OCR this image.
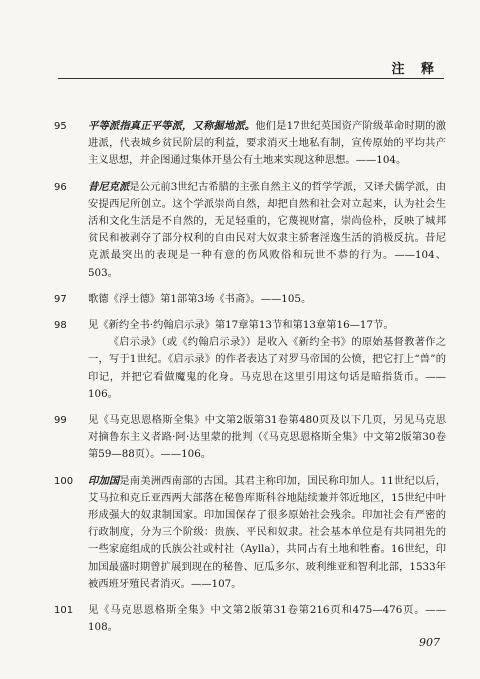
注 释
95	平等派指真正平等派，又称掘地派。他们是17世纪英国资产阶级革命时期的激进派，代表城乡贫民阶层的利益，要求消灭土地私有制，宣传原始的平均共产主义思想，并企图通过集体开垦公有土地来实现这种思想。——104。

96	昔尼克派是公元前3世纪古希腊的主张自然主义的哲学学派，又译犬儒学派，由安提西尼所创立。这个学派崇尚自然，却把自然和社会对立起来，认为社会生活和文化生活是不自然的，无足轻重的，它蔑视财富，崇尚俭朴，反映了城邦贫民和被剥夺了部分权利的自由民对大奴隶主骄奢淫逸生活的消极反抗。昔尼克派最突出的表现是一种有意的伤风败俗和玩世不恭的行为。——104、503。

97	歌德《浮士德》第1部第3场《书斋》。——105。

98	见《新约全书·约翰启示录》第17章第13节和第13章第16—17节。

《启示录》（或《约翰启示录》）是收入《新约全书》的原始基督教著作之一，写于1世纪。《启示录》的作者表达了对罗马帝国的公愤，把它打上“兽”的印记，并把它看做魔鬼的化身。马克思在这里引用这句话是暗指货币。——106。

99	见《马克思恩格斯全集》中文第2版第31卷第480页及以下几页，另见马克思对摘鲁东主义者路·阿·达里蒙的批判（《马克思恩格斯全集》中文第2版第30卷第59—88页）。——106。

100	印加国是南美洲西南部的古国。其君主称印加，国民称印加人。11世纪以后，艾马拉和克丘亚西两大部落在秘鲁库斯科谷地陆续兼并邻近地区，15世纪中叶形成强大的奴隶制国家。印加国保存了很多原始社会残余。印加社会有严密的行政制度，分为三个阶级：贵族、平民和奴隶。社会基本单位是有共同祖先的一些家庭组成的氏族公社或村社（Aylla），共同占有土地和牲畜。16世纪，印加国最盛时期曾扩展到现在的秘鲁、厄瓜多尔、玻利维亚和智利北部，1533年被西班牙殖民者消灭。——107。

101	见《马克思恩格斯全集》中文第2版第31卷第216页和475—476页。——108。

907
